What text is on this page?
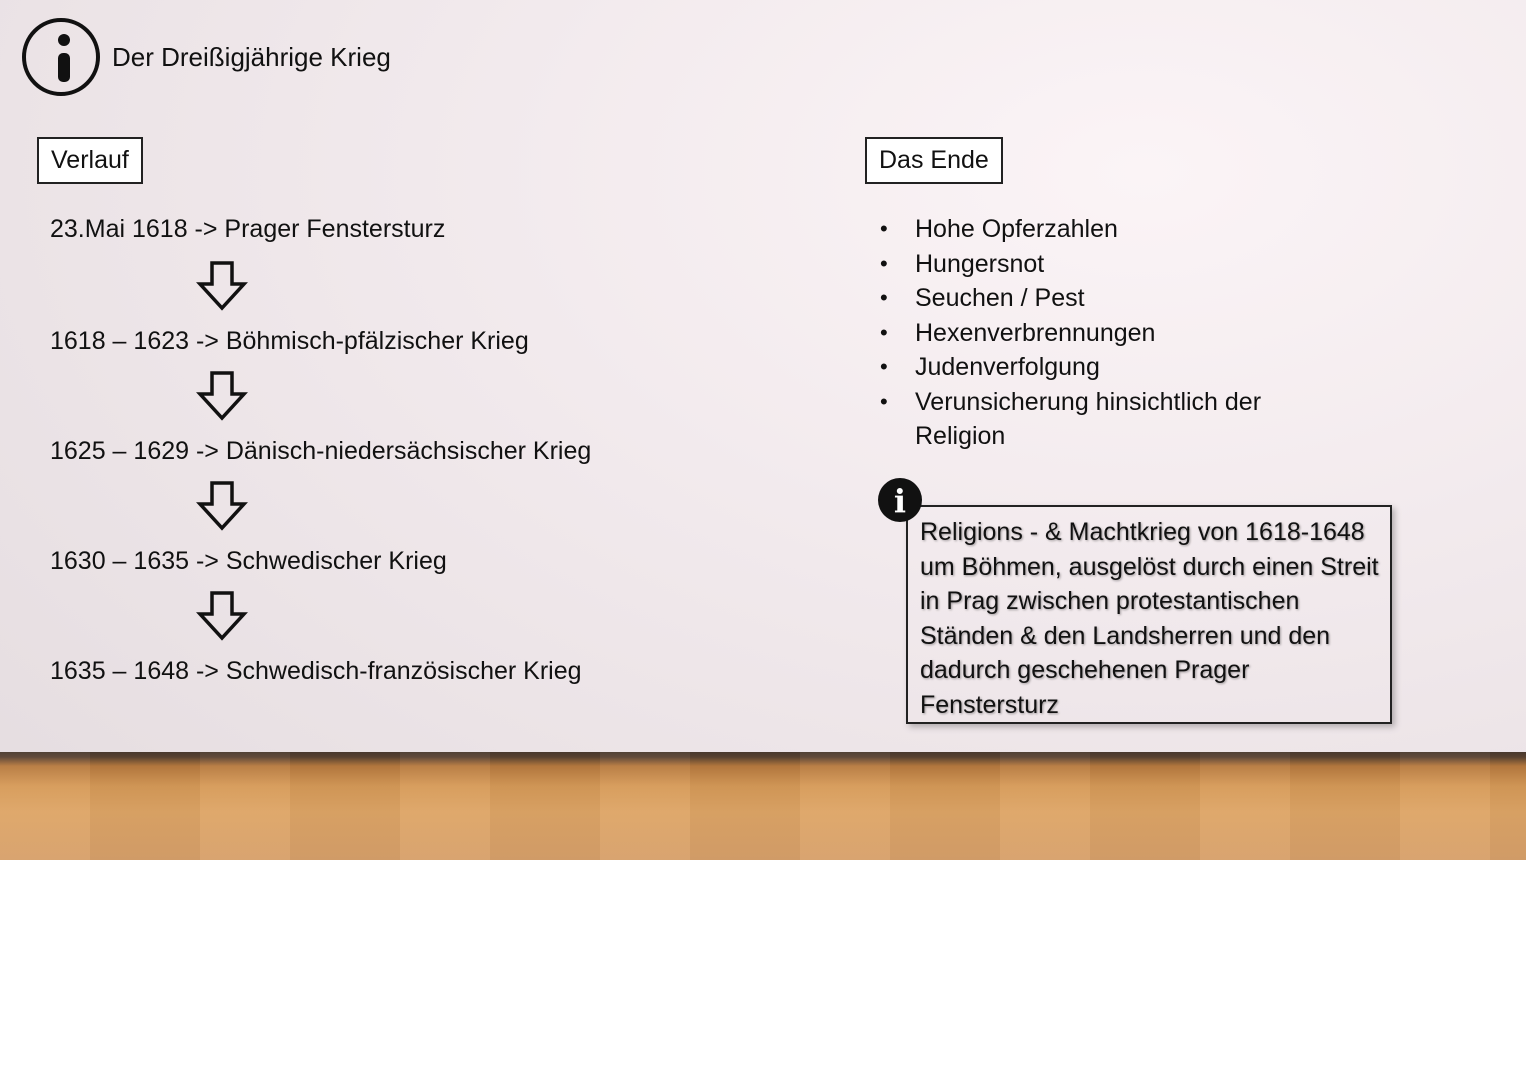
Der Dreißigjährige Krieg
Verlauf	Das Ende
23.Mai 1618 -> Prager Fenstersturz
1618 – 1623 -> Böhmisch-pfälzischer Krieg
1625 – 1629 -> Dänisch-niedersächsischer Krieg
1630 – 1635 -> Schwedischer Krieg
1635 – 1648 -> Schwedisch-französischer Krieg
• Hohe Opferzahlen
• Hungersnot
• Seuchen / Pest
• Hexenverbrennungen
• Judenverfolgung
• Verunsicherung hinsichtlich der Religion

Religions - & Machtkrieg von 1618-1648 um Böhmen, ausgelöst durch einen Streit in Prag zwischen protestantischen Ständen & den Landsherren und den dadurch geschehenen Prager Fenstersturz

i
